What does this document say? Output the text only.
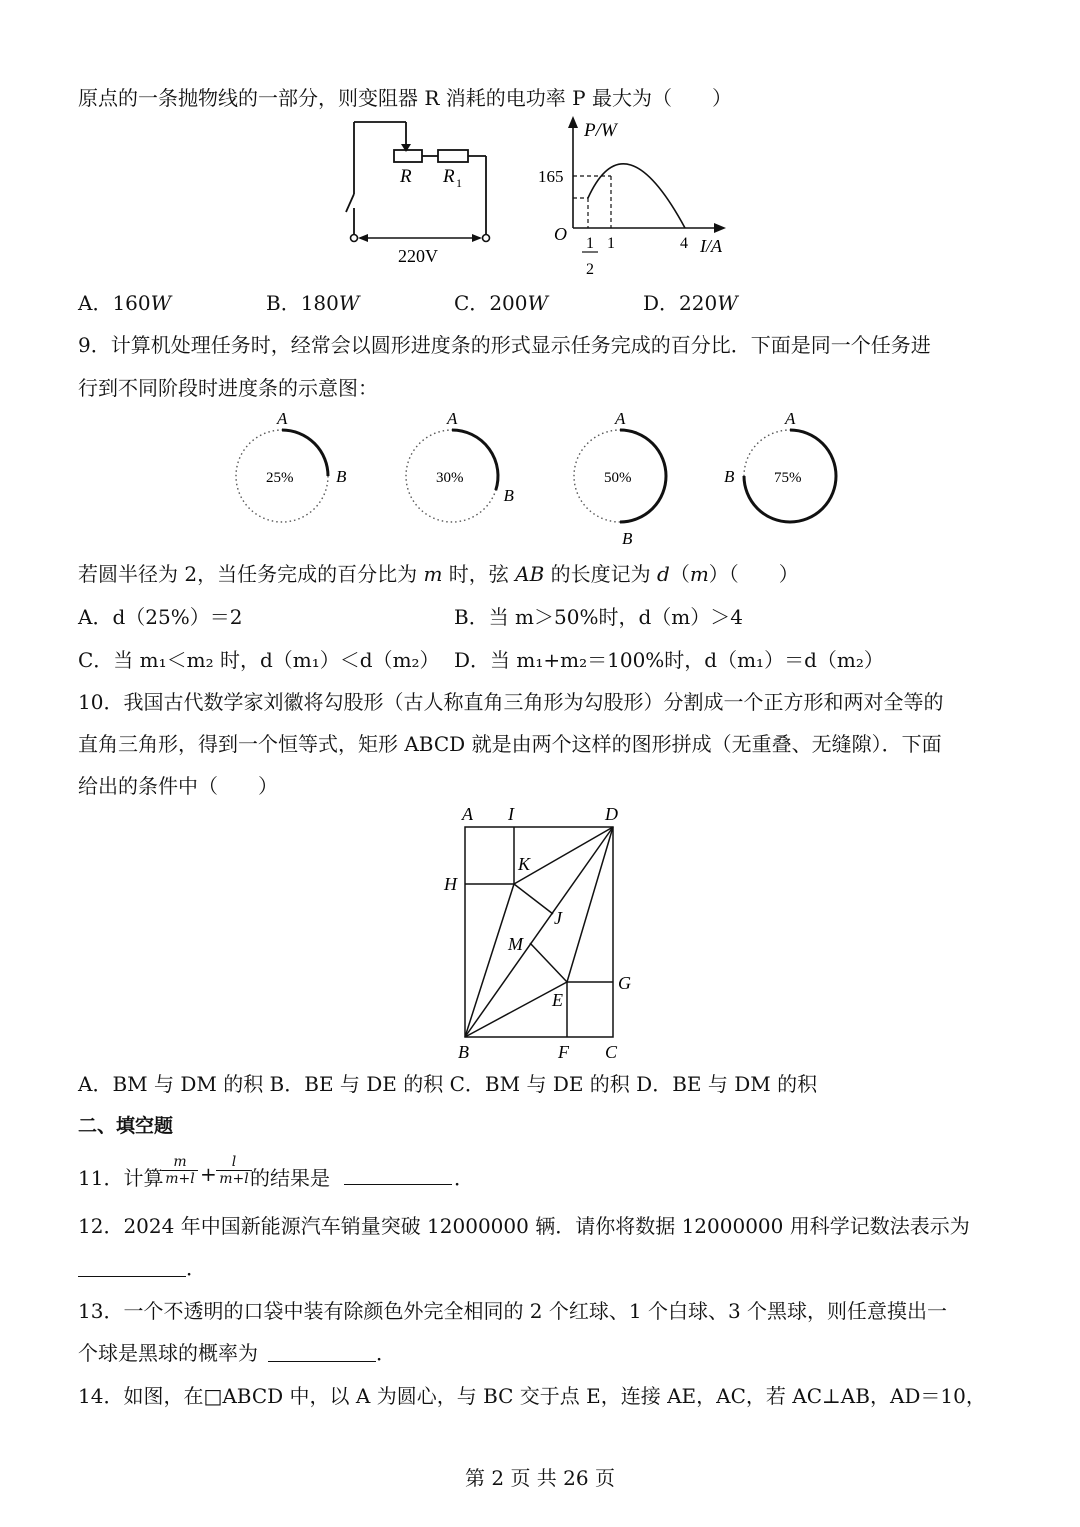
原点的一条抛物线的一部分，则变阻器 R 消耗的电功率 P 最大为（　　）
R R 1
220V
P/W
165
O 1
2
1	4 I/A
A．160W	B．180W	C．200W	D．220W
9．计算机处理任务时，经常会以圆形进度条的形式显示任务完成的百分比．下面是同一个任务进
行到不同阶段时进度条的示意图：
25%
A
B	30%
A
B
50%
A
B
75%
A
B
若圆半径为 2，当任务完成的百分比为 m 时，弦 AB 的长度记为 d（m）（　　）
A．d（25%）＝2	B．当 m＞50%时，d（m）＞4
C．当 m₁＜m₂ 时，d（m₁）＜d（m₂） D．当 m₁+m₂＝100%时，d（m₁）＝d（m₂）
10．我国古代数学家刘徽将勾股形（古人称直角三角形为勾股形）分割成一个正方形和两对全等的
直角三角形，得到一个恒等式，矩形 ABCD 就是由两个这样的图形拼成（无重叠、无缝隙）．下面
给出的条件中（　　）
A I	D
K
H
J
M
G
E
B	F C
A．BM 与 DM 的积 B．BE 与 DE 的积 C．BM 与 DE 的积 D．BE 与 DM 的积
二、填空题
11．计算
m
m+l +	l
m+l 的结果是	．
12．2024 年中国新能源汽车销量突破 12000000 辆．请你将数据 12000000 用科学记数法表示为
．
13．一个不透明的口袋中装有除颜色外完全相同的 2 个红球、1 个白球、3 个黑球，则任意摸出一
个球是黑球的概率为	．
14．如图，在□ABCD 中，以 A 为圆心，与 BC 交于点 E，连接 AE，AC，若 AC⊥AB，AD＝10，
第 2 页 共 26 页
